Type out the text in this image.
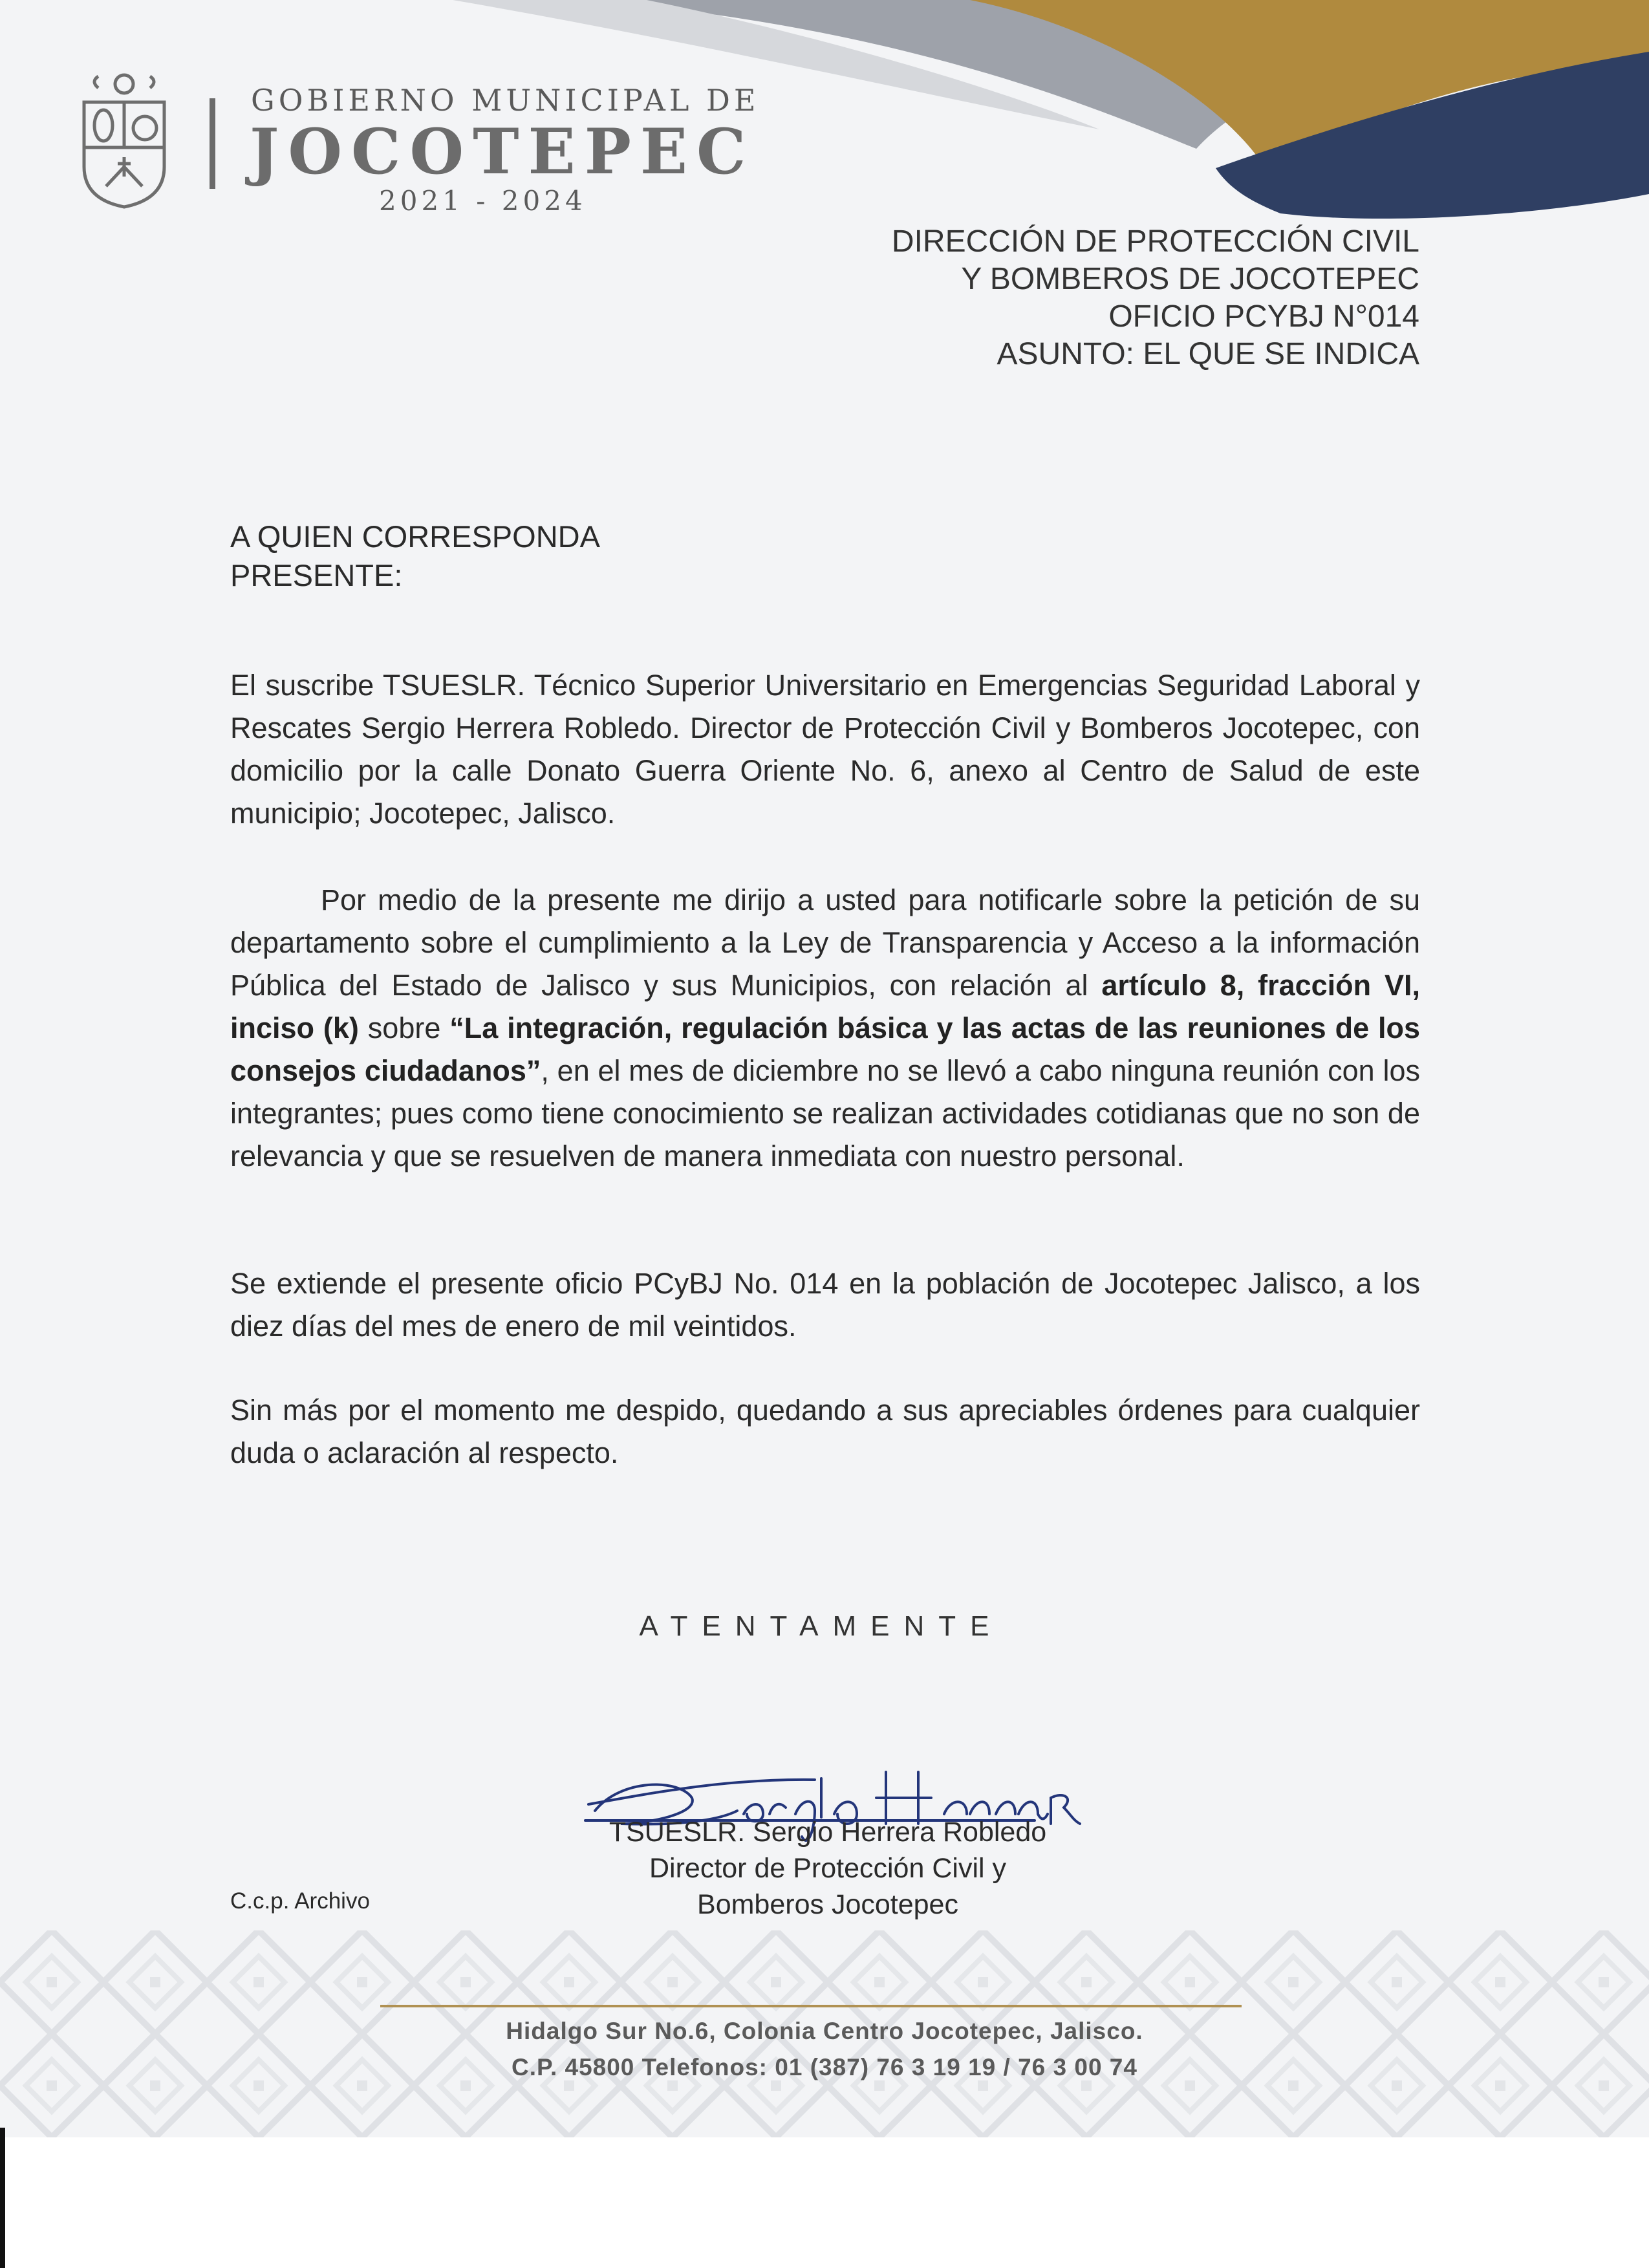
GOBIERNO MUNICIPAL DE
JOCOTEPEC
2021 - 2024
DIRECCIÓN DE PROTECCIÓN CIVIL
Y BOMBEROS DE JOCOTEPEC
OFICIO PCYBJ N°014
ASUNTO: EL QUE SE INDICA
A QUIEN CORRESPONDA
PRESENTE:
El suscribe TSUESLR. Técnico Superior Universitario en Emergencias Seguridad Laboral y Rescates Sergio Herrera Robledo. Director de Protección Civil y Bomberos Jocotepec, con domicilio por la calle Donato Guerra Oriente No. 6, anexo al Centro de Salud de este municipio; Jocotepec, Jalisco.
Por medio de la presente me dirijo a usted para notificarle sobre la petición de su departamento sobre el cumplimiento a la Ley de Transparencia y Acceso a la información Pública del Estado de Jalisco y sus Municipios, con relación al artículo 8, fracción VI, inciso (k) sobre “La integración, regulación básica y las actas de las reuniones de los consejos ciudadanos”, en el mes de diciembre no se llevó a cabo ninguna reunión con los integrantes; pues como tiene conocimiento se realizan actividades cotidianas que no son de relevancia y que se resuelven de manera inmediata con nuestro personal.
Se extiende el presente oficio PCyBJ No. 014 en la población de Jocotepec Jalisco, a los diez días del mes de enero de mil veintidos.
Sin más por el momento me despido, quedando a sus apreciables órdenes para cualquier duda o aclaración al respecto.
ATENTAMENTE
TSUESLR. Sergio Herrera Robledo
Director de Protección Civil y
Bomberos Jocotepec
C.c.p. Archivo
Hidalgo Sur No.6, Colonia Centro Jocotepec, Jalisco.
C.P. 45800 Telefonos: 01 (387) 76 3 19 19 / 76 3 00 74
